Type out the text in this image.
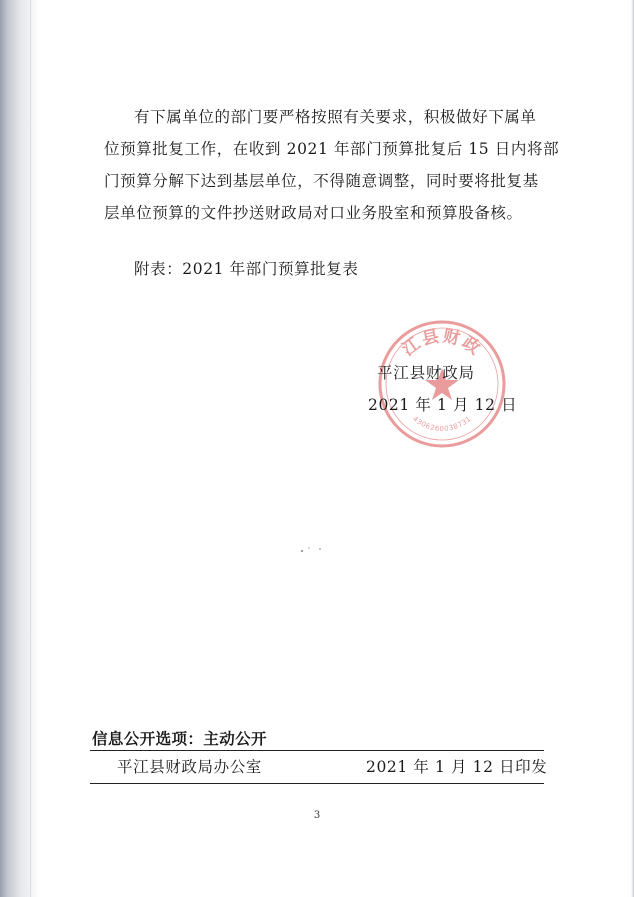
有下属单位的部门要严格按照有关要求，积极做好下属单
位预算批复工作，在收到 2021 年部门预算批复后 15 日内将部
门预算分解下达到基层单位，不得随意调整，同时要将批复基
层单位预算的文件抄送财政局对口业务股室和预算股备核。
附表：2021 年部门预算批复表
江县财政
4306260038731
平江县财政局
2021 年 1 月 12 日
信息公开选项：主动公开
平江县财政局办公室	2021 年 1 月 12 日印发
3
